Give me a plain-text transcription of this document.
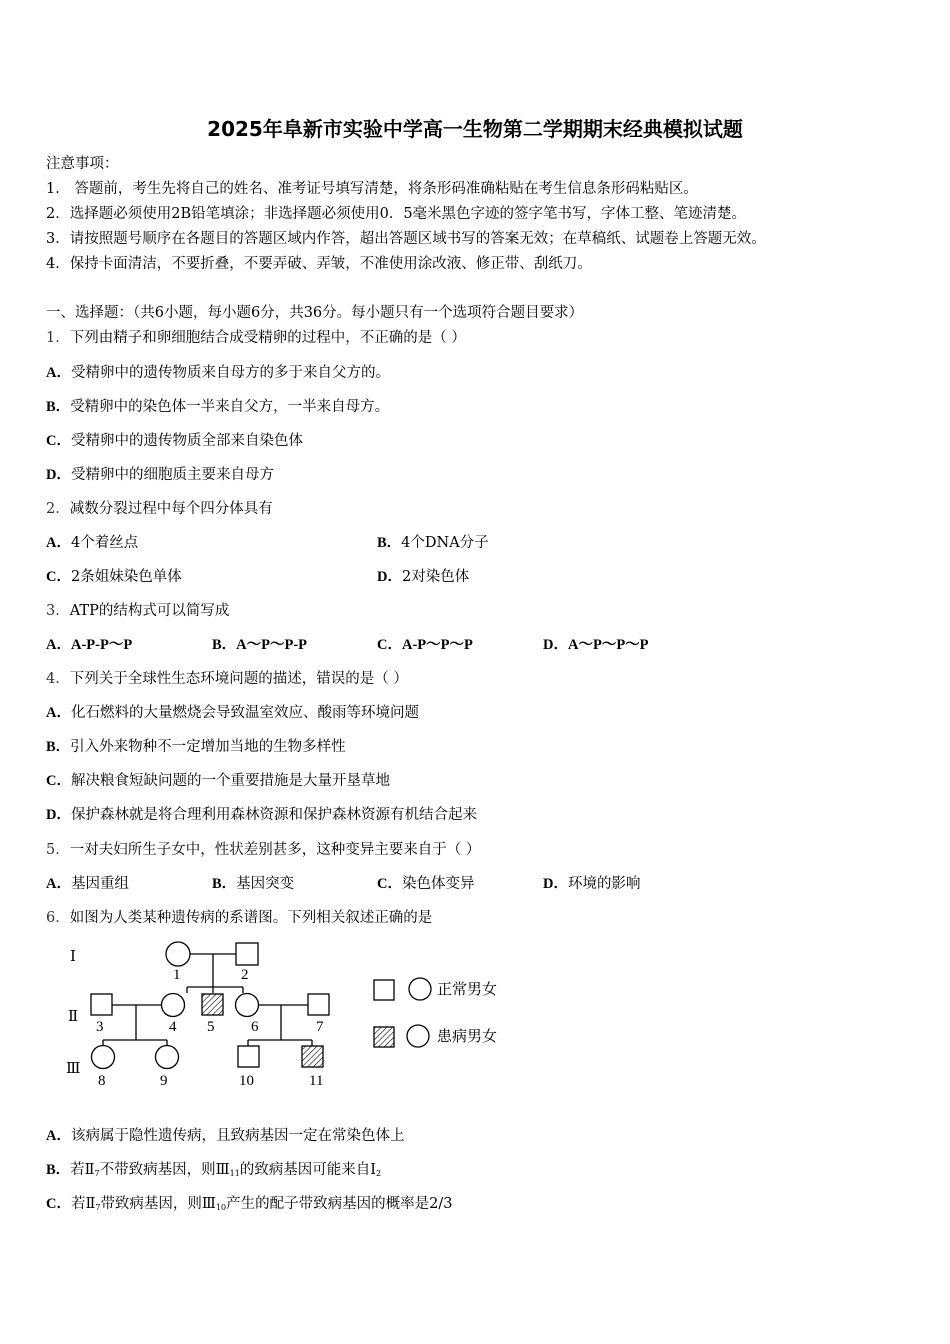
2025年阜新市实验中学高一生物第二学期期末经典模拟试题
注意事项：
1． 答题前，考生先将自己的姓名、准考证号填写清楚，将条形码准确粘贴在考生信息条形码粘贴区。
2．选择题必须使用2B铅笔填涂；非选择题必须使用0．5毫米黑色字迹的签字笔书写，字体工整、笔迹清楚。
3．请按照题号顺序在各题目的答题区域内作答，超出答题区域书写的答案无效；在草稿纸、试题卷上答题无效。
4．保持卡面清洁，不要折叠，不要弄破、弄皱，不准使用涂改液、修正带、刮纸刀。
一、选择题：（共6小题，每小题6分，共36分。每小题只有一个选项符合题目要求）
1．下列由精子和卵细胞结合成受精卵的过程中，不正确的是（ ）
A．受精卵中的遗传物质来自母方的多于来自父方的。
B．受精卵中的染色体一半来自父方，一半来自母方。
C．受精卵中的遗传物质全部来自染色体
D．受精卵中的细胞质主要来自母方
2．减数分裂过程中每个四分体具有
A．4个着丝点	B．4个DNA分子
C．2条姐妹染色单体	D．2对染色体
3．ATP的结构式可以简写成
A．A-P-P～P	B．A～P～P-P	C．A-P～P～P	D．A～P～P～P
4．下列关于全球性生态环境问题的描述，错误的是（ ）
A．化石燃料的大量燃烧会导致温室效应、酸雨等环境问题
B．引入外来物种不一定增加当地的生物多样性
C．解决粮食短缺问题的一个重要措施是大量开垦草地
D．保护森林就是将合理利用森林资源和保护森林资源有机结合起来
5．一对夫妇所生子女中，性状差别甚多，这种变异主要来自于（ ）
A．基因重组	B．基因突变	C．染色体变异	D．环境的影响
6．如图为人类某种遗传病的系谱图。下列相关叙述正确的是
Ⅰ
Ⅱ
Ⅲ
1	2
3	4 5 6	7
8	9	10	11
正常男女
患病男女
A．该病属于隐性遗传病，且致病基因一定在常染色体上
B．若$Ⅱ_7$不带致病基因，则$Ⅲ_{11}$的致病基因可能来自$Ⅰ_2$
C．若$Ⅱ_7$带致病基因，则$Ⅲ_{10}$产生的配子带致病基因的概率是2/3
